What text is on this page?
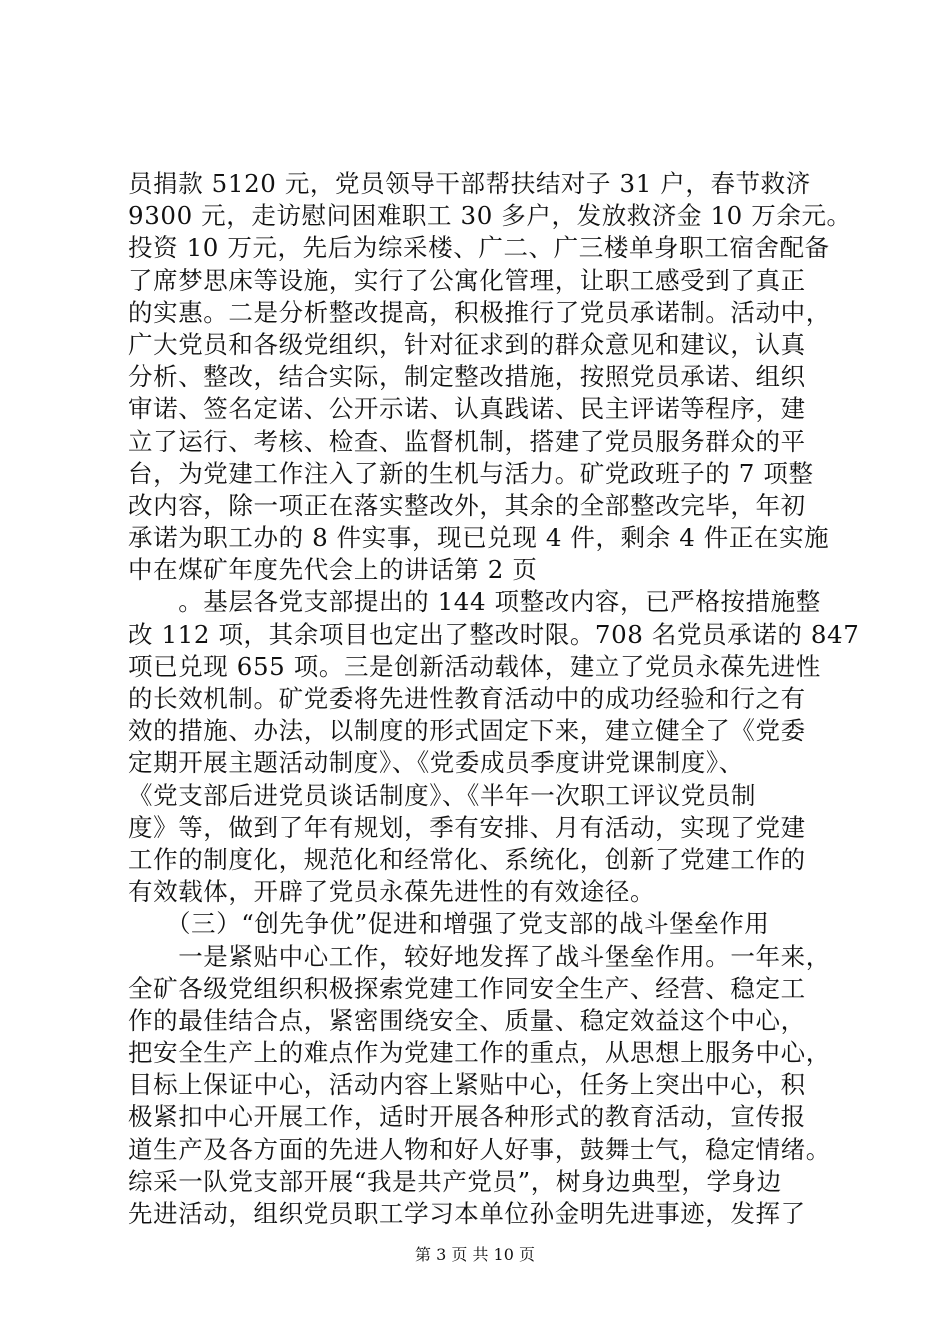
员捐款 5120 元，党员领导干部帮扶结对子 31 户，春节救济
9300 元，走访慰问困难职工 30 多户，发放救济金 10 万余元。
投资 10 万元，先后为综采楼、广二、广三楼单身职工宿舍配备
了席梦思床等设施，实行了公寓化管理，让职工感受到了真正
的实惠。二是分析整改提高，积极推行了党员承诺制。活动中，
广大党员和各级党组织，针对征求到的群众意见和建议，认真
分析、整改，结合实际，制定整改措施，按照党员承诺、组织
审诺、签名定诺、公开示诺、认真践诺、民主评诺等程序，建
立了运行、考核、检查、监督机制，搭建了党员服务群众的平
台，为党建工作注入了新的生机与活力。矿党政班子的 7 项整
改内容，除一项正在落实整改外，其余的全部整改完毕，年初
承诺为职工办的 8 件实事，现已兑现 4 件，剩余 4 件正在实施
中在煤矿年度先代会上的讲话第 2 页
　　。基层各党支部提出的 144 项整改内容，已严格按措施整
改 112 项，其余项目也定出了整改时限。708 名党员承诺的 847
项已兑现 655 项。三是创新活动载体，建立了党员永葆先进性
的长效机制。矿党委将先进性教育活动中的成功经验和行之有
效的措施、办法，以制度的形式固定下来，建立健全了《党委
定期开展主题活动制度》、《党委成员季度讲党课制度》、
《党支部后进党员谈话制度》、《半年一次职工评议党员制
度》等，做到了年有规划，季有安排、月有活动，实现了党建
工作的制度化，规范化和经常化、系统化，创新了党建工作的
有效载体，开辟了党员永葆先进性的有效途径。
　　（三）“创先争优”促进和增强了党支部的战斗堡垒作用
　　一是紧贴中心工作，较好地发挥了战斗堡垒作用。一年来，
全矿各级党组织积极探索党建工作同安全生产、经营、稳定工
作的最佳结合点，紧密围绕安全、质量、稳定效益这个中心，
把安全生产上的难点作为党建工作的重点，从思想上服务中心，
目标上保证中心，活动内容上紧贴中心，任务上突出中心，积
极紧扣中心开展工作，适时开展各种形式的教育活动，宣传报
道生产及各方面的先进人物和好人好事，鼓舞士气，稳定情绪。
综采一队党支部开展“我是共产党员”，树身边典型，学身边
先进活动，组织党员职工学习本单位孙金明先进事迹，发挥了
第 3 页 共 10 页
